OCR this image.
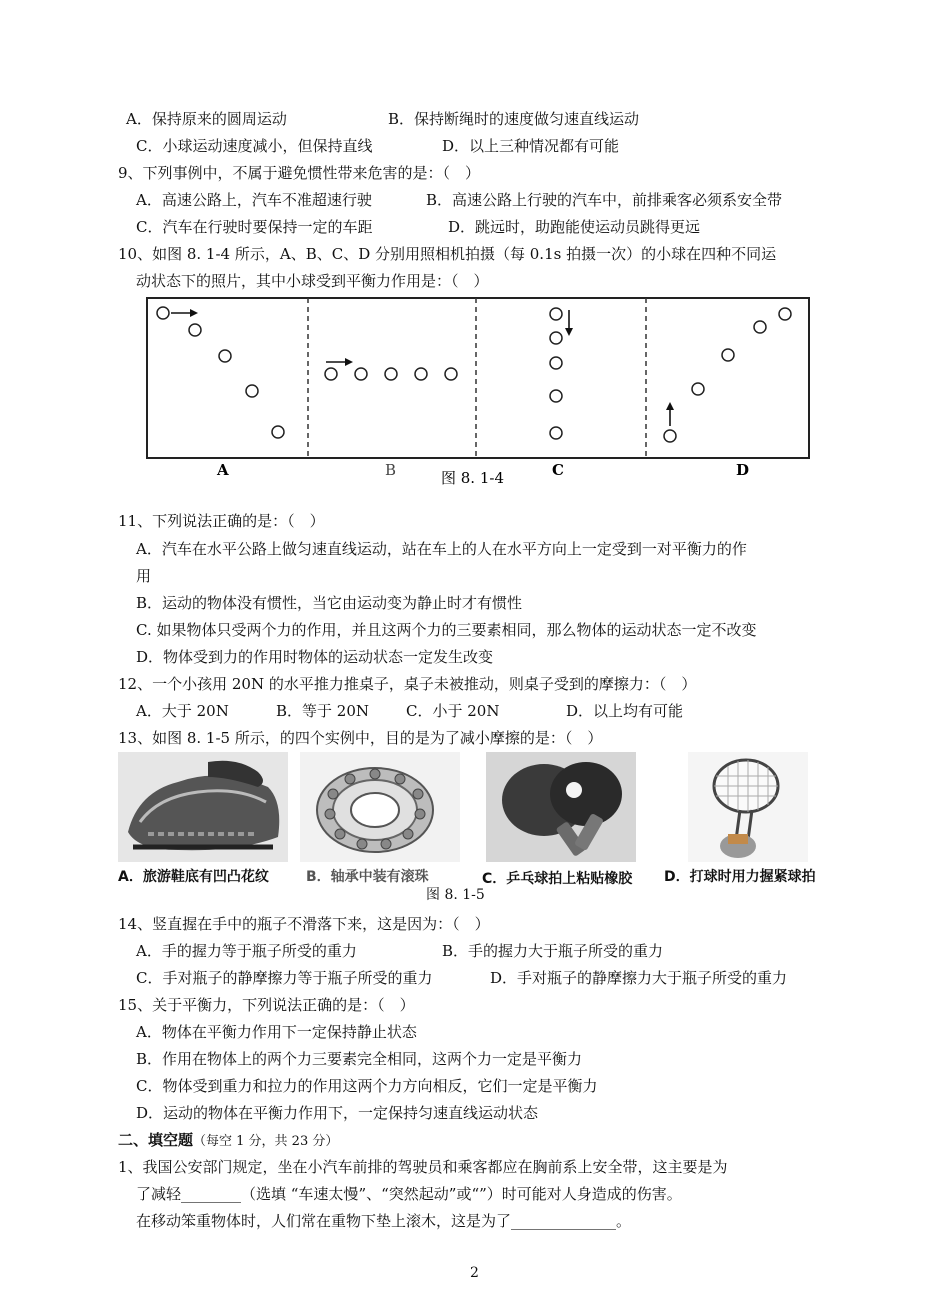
A．保持原来的圆周运动	B．保持断绳时的速度做匀速直线运动
C．小球运动速度减小，但保持直线	D．以上三种情况都有可能
9、下列事例中，不属于避免惯性带来危害的是：（　）
A．高速公路上，汽车不准超速行驶	B．高速公路上行驶的汽车中，前排乘客必须系安全带
C．汽车在行驶时要保持一定的车距	D．跳远时，助跑能使运动员跳得更远
10、如图 8. 1-4 所示，A、B、C、D 分别用照相机拍摄（每 0.1s 拍摄一次）的小球在四种不同运
动状态下的照片，其中小球受到平衡力作用是：（　）
A	B	C	D
图 8. 1-4
11、下列说法正确的是：（　）
A．汽车在水平公路上做匀速直线运动，站在车上的人在水平方向上一定受到一对平衡力的作
用
B．运动的物体没有惯性，当它由运动变为静止时才有惯性
C. 如果物体只受两个力的作用，并且这两个力的三要素相同，那么物体的运动状态一定不改变
D．物体受到力的作用时物体的运动状态一定发生改变
12、一个小孩用 20N 的水平推力推桌子，桌子未被推动，则桌子受到的摩擦力：（　）
A．大于 20N	B．等于 20N C．小于 20N	D．以上均有可能
13、如图 8. 1-5 所示，的四个实例中，目的是为了减小摩擦的是：（　）
A．旅游鞋底有凹凸花纹	B．轴承中装有滚珠	C．乒乓球拍上粘贴橡胶 D．打球时用力握紧球拍
图 8. 1-5
14、竖直握在手中的瓶子不滑落下来，这是因为：（　）
A．手的握力等于瓶子所受的重力	B．手的握力大于瓶子所受的重力
C．手对瓶子的静摩擦力等于瓶子所受的重力	D．手对瓶子的静摩擦力大于瓶子所受的重力
15、关于平衡力，下列说法正确的是：（　）
A．物体在平衡力作用下一定保持静止状态
B．作用在物体上的两个力三要素完全相同，这两个力一定是平衡力
C．物体受到重力和拉力的作用这两个力方向相反，它们一定是平衡力
D．运动的物体在平衡力作用下，一定保持匀速直线运动状态
二、填空题（每空 1 分，共 23 分）
1、我国公安部门规定，坐在小汽车前排的驾驶员和乘客都应在胸前系上安全带，这主要是为
了减轻________（选填 “车速太慢”、“突然起动”或“”）时可能对人身造成的伤害。
在移动笨重物体时，人们常在重物下垫上滚木，这是为了______________。
2
